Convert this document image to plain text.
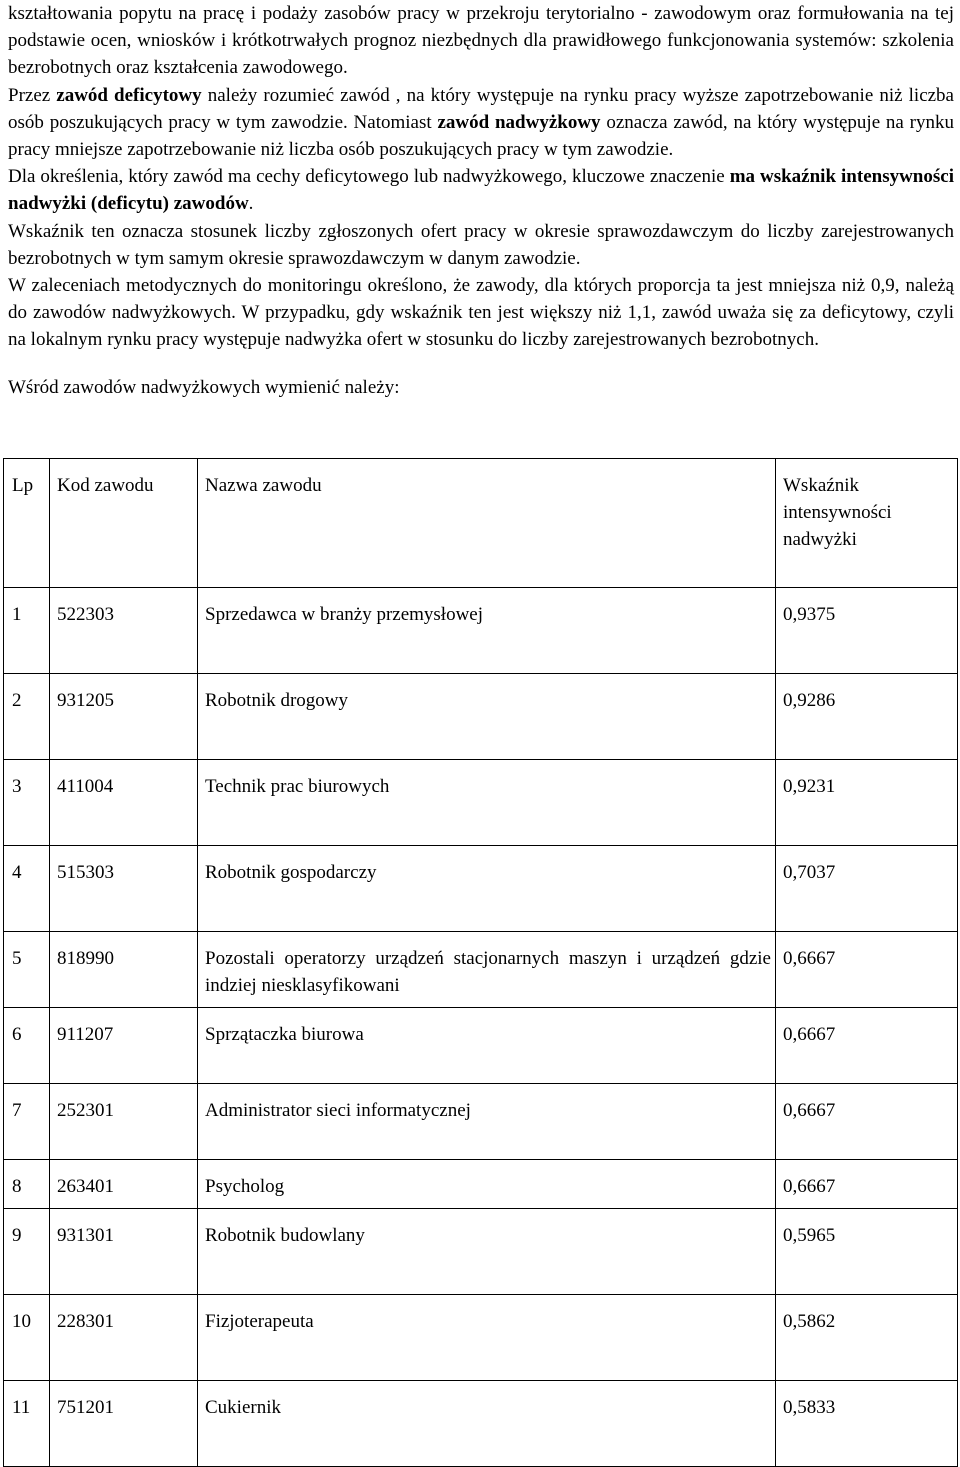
kształtowania popytu na pracę i podaży zasobów pracy w przekroju terytorialno - zawodowym oraz formułowania na tej podstawie ocen, wniosków i krótkotrwałych prognoz niezbędnych dla prawidłowego funkcjonowania systemów: szkolenia bezrobotnych oraz kształcenia zawodowego.

Przez zawód deficytowy należy rozumieć zawód , na który występuje na rynku pracy wyższe zapotrzebowanie niż liczba osób poszukujących pracy w tym zawodzie. Natomiast zawód nadwyżkowy oznacza zawód, na który występuje na rynku pracy mniejsze zapotrzebowanie niż liczba osób poszukujących pracy w tym zawodzie.

Dla określenia, który zawód ma cechy deficytowego lub nadwyżkowego, kluczowe znaczenie ma wskaźnik intensywności nadwyżki (deficytu) zawodów.

Wskaźnik ten oznacza stosunek liczby zgłoszonych ofert pracy w okresie sprawozdawczym do liczby zarejestrowanych bezrobotnych w tym samym okresie sprawozdawczym w danym zawodzie.

W zaleceniach metodycznych do monitoringu określono, że zawody, dla których proporcja ta jest mniejsza niż 0,9, należą do zawodów nadwyżkowych. W przypadku, gdy wskaźnik ten jest większy niż 1,1, zawód uważa się za deficytowy, czyli na lokalnym rynku pracy występuje nadwyżka ofert w stosunku do liczby zarejestrowanych bezrobotnych.

Wśród zawodów nadwyżkowych wymienić należy:

Lp	Kod zawodu	Nazwa zawodu	Wskaźnik
intensywności
nadwyżki
1	522303	Sprzedawca w branży przemysłowej	0,9375
2	931205	Robotnik drogowy	0,9286
3	411004	Technik prac biurowych	0,9231
4	515303	Robotnik gospodarczy	0,7037
5	818990	Pozostali operatorzy urządzeń stacjonarnych maszyn i urządzeń gdzie indziej niesklasyfikowani	0,6667
6	911207	Sprzątaczka biurowa	0,6667
7	252301	Administrator sieci informatycznej	0,6667
8	263401	Psycholog	0,6667
9	931301	Robotnik budowlany	0,5965
10	228301	Fizjoterapeuta	0,5862
11	751201	Cukiernik	0,5833
